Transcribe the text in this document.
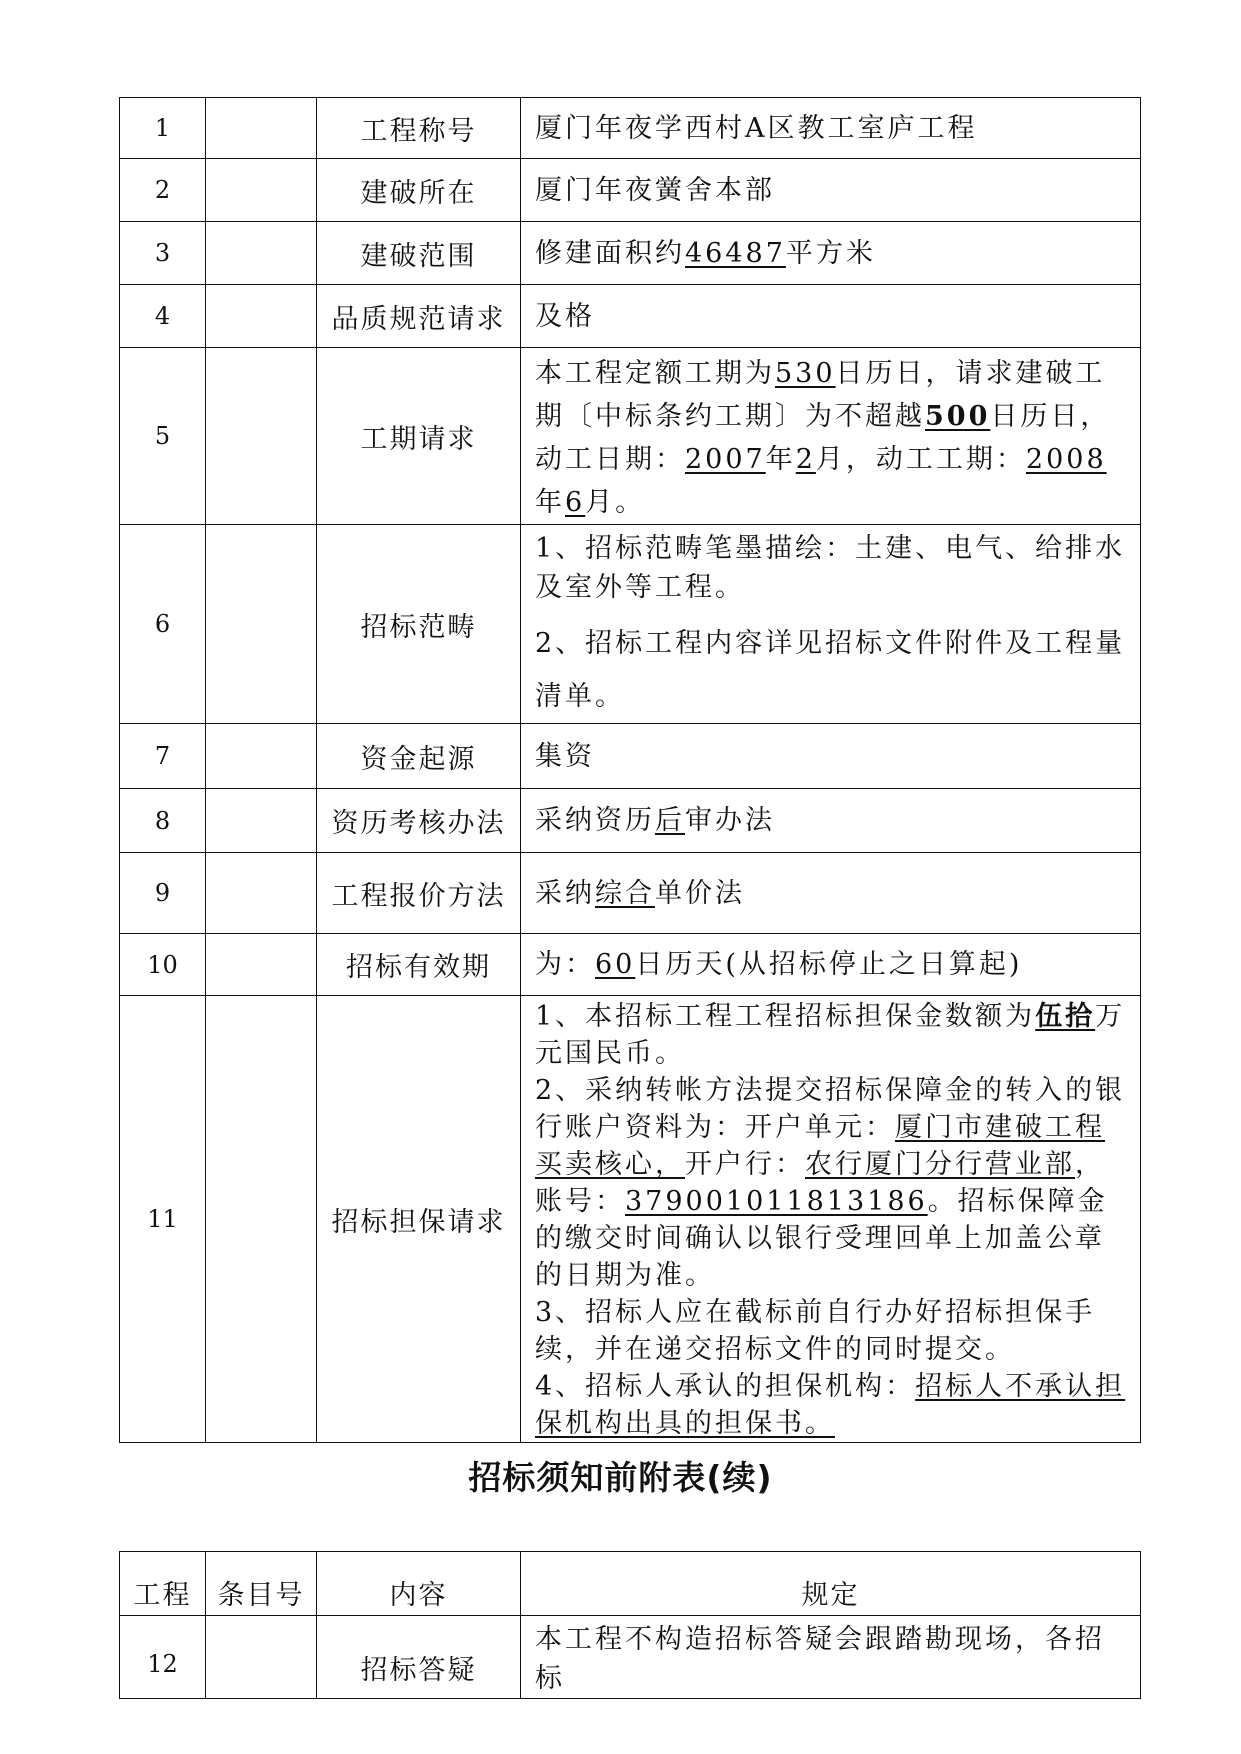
1		工程称号	厦门年夜学西村A区教工室庐工程
2		建破所在	厦门年夜黉舍本部
3		建破范围	修建面积约46487平方米
4		品质规范请求	及格
5		工期请求	本工程定额工期为530日历日，请求建破工期〔中标条约工期〕为不超越500日历日，动工日期：2007年2月，动工工期：2008年6月。
6		招标范畴	1、招标范畴笔墨描绘：土建、电气、给排水及室外等工程。
2、招标工程内容详见招标文件附件及工程量清单。

7		资金起源	集资
8		资历考核办法	采纳资历后审办法
9		工程报价方法	采纳综合单价法
10		招标有效期	为：60日历天(从招标停止之日算起)
11		招标担保请求	1、本招标工程工程招标担保金数额为伍拾万元国民币。
2、采纳转帐方法提交招标保障金的转入的银行账户资料为：开户单元：厦门市建破工程买卖核心，开户行：农行厦门分行营业部，账号：379001011813186。招标保障金的缴交时间确认以银行受理回单上加盖公章的日期为准。
3、招标人应在截标前自行办好招标担保手续，并在递交招标文件的同时提交。
4、招标人承认的担保机构：招标人不承认担保机构出具的担保书。
招标须知前附表(续)
工程	条目号	内容	规定
12		招标答疑	本工程不构造招标答疑会跟踏勘现场，各招标
